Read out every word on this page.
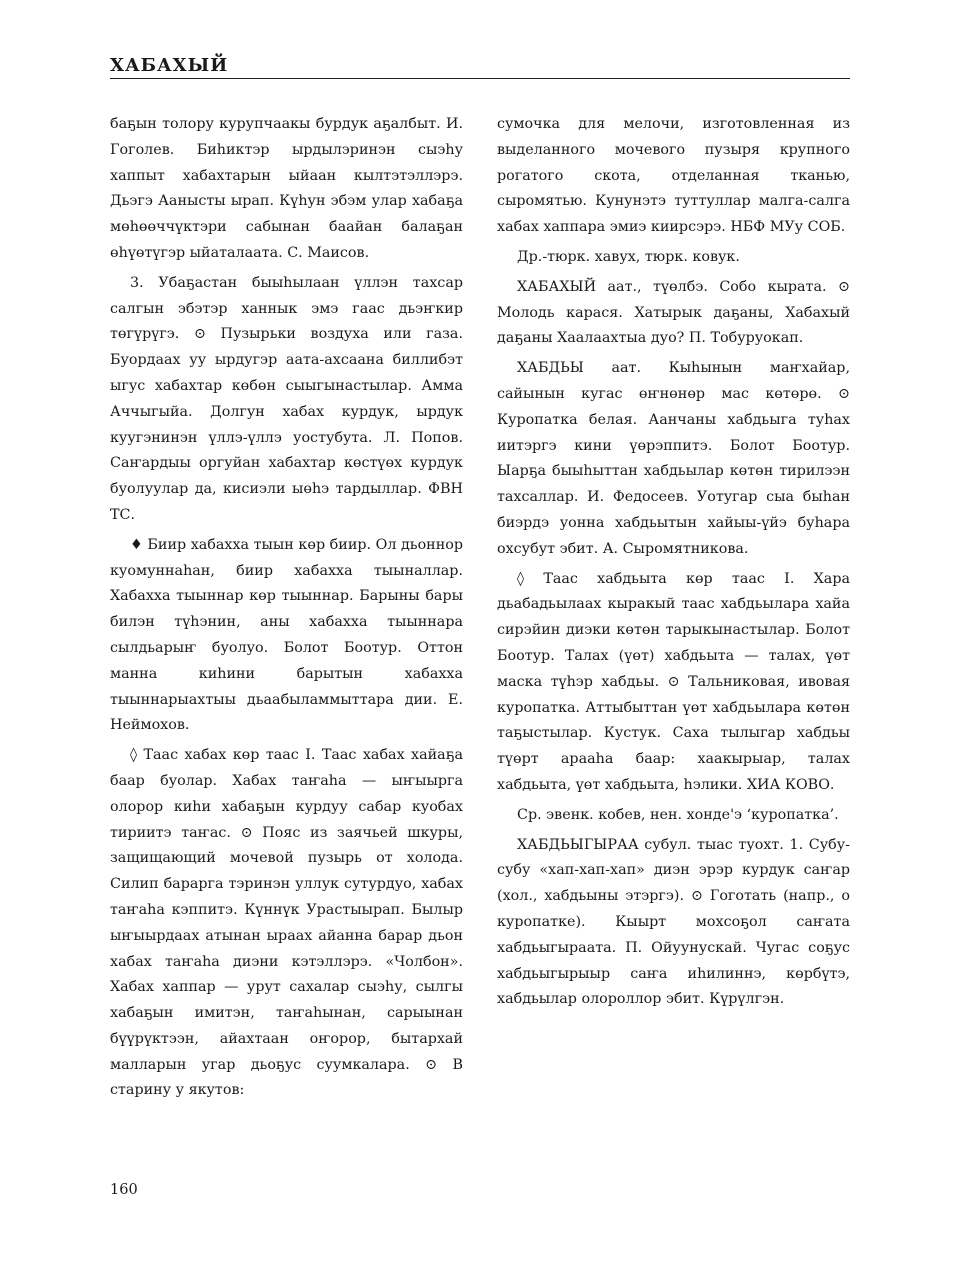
ХАБАХЫЙ

баҕын толору курупчаакы бурдук аҕалбыт. И. Гоголев. Биһиктэр ырдылэринэн сыэһу хаппыт хабахтарын ыйаан кылтэтэллэрэ. Дьэгэ Аанысты ырап. Күһун эбэм улар хабаҕа мөһөөччүктэри сабынан баайан балаҕан өһүөтүгэр ыйаталаата. С. Маисов.

3. Убаҕастан быыһылаан үллэн тахсар салгын эбэтэр ханнык эмэ гаас дьэҥкир төгүрүгэ. ⊙ Пузырьки воздуха или газа. Буордаах уу ырдугэр аата-ахсаана биллибэт ыгус хабахтар көбөн сыыгынастылар. Амма Аччыгыйа. Долгун хабах курдук, ырдук куугэнинэн үллэ-үллэ уостубута. Л. Попов. Саҥардыы оргуйан хабахтар көстүөх курдук буолуулар да, кисиэли ыөһэ тардыллар. ФВН ТС.

♦ Биир хабахха тыын көр биир. Ол дьоннор куомуннаһан, биир хабахха тыыналлар. Хабахха тыыннар көр тыыннар. Барыны бары билэн түһэнин, аны хабахха тыыннара сылдьарыҥ буолуо. Болот Боотур. Оттон манна киһини барытын хабахха тыыннарыахтыы дьаабыламмыттара дии. Е. Неймохов.

◊ Таас хабах көр таас I. Таас хабах хайаҕа баар буолар. Хабах таҥаһа — ыҥыырга олорор киһи хабаҕын курдуу сабар куобах тириитэ таҥас. ⊙ Пояс из заячьей шкуры, защищающий мочевой пузырь от холода. Силип бараргa тэринэн уллук сутурдуо, хабах таҥаһа кэппитэ. Күннүк Урастыырап. Былыр ыҥыырдаах атынан ыраах айанна барар дьон хабах таҥаһа диэни кэтэллэрэ. «Чолбон». Хабах хаппар — урут сахалар сыэһу, сылгы хабаҕын имитэн, таҥаһынан, сарыынан бүүрүктээн, айахтаан оҥорор, бытархай малларын угар дьоҕус суумкалара. ⊙ В старину у якутов:

сумочка для мелочи, изготовленная из выделанного мочевого пузыря крупного рогатого скота, отделанная тканью, сыромятью. Кунунэтэ туттуллар малга-салга хабах хаппара эмиэ киирсэрэ. НБФ МУу СОБ.

Др.-тюрк. хавух, тюрк. ковук.

ХАБАХЫЙ аат., түөлбэ. Собо кырата. ⊙ Молодь карася. Хатырык даҕаны, Хабахый даҕаны Хаалаахтыа дуо? П. Тобуруокап.

ХАБДЬЫ аат. Кыһынын маҥхайар, сайынын кугас өҥнөнөр мас көтөрө. ⊙ Куропатка белая. Аанчаны хабдьыга туһах иитэргэ кини үөрэппитэ. Болот Боотур. Ыарҕа быыһыттан хабдьылар көтөн тирилээн тахсаллар. И. Федосеев. Уотугар сыа быһан биэрдэ уонна хабдьытын хайыы-үйэ буһара охсубут эбит. А. Сыромятникова.

◊ Таас хабдьыта көр таас I. Хара дьабадьылаах кыракый таас хабдьылара хайа сирэйин диэки көтөн тарыкынастылар. Болот Боотур. Талах (үөт) хабдьыта — талах, үөт маска түһэр хабдьы. ⊙ Тальниковая, ивовая куропатка. Аттыбыттан үөт хабдьылара көтөн таҕыстылар. Кустук. Саха тылыгар хабдьы түөрт арааһа баар: хаакырыар, талах хабдьыта, үөт хабдьыта, һэлики. ХИА КОВО.

Ср. эвенк. кобев, нен. хонде'э ‘куропатка’.

ХАБДЬЫГЫРАА субул. тыас туохт. 1. Субу-субу «хап-хап-хап» диэн эрэр курдук саҥар (хол., хабдьыны этэргэ). ⊙ Гоготать (напр., о куропатке). Кыырт мохсоҕол саҥата хабдьыгыраата. П. Ойуунускай. Чугас соҕус хабдьыгырыыр саҥа иһилиннэ, көрбүтэ, хабдьылар олороллор эбит. Күрүлгэн.

160
